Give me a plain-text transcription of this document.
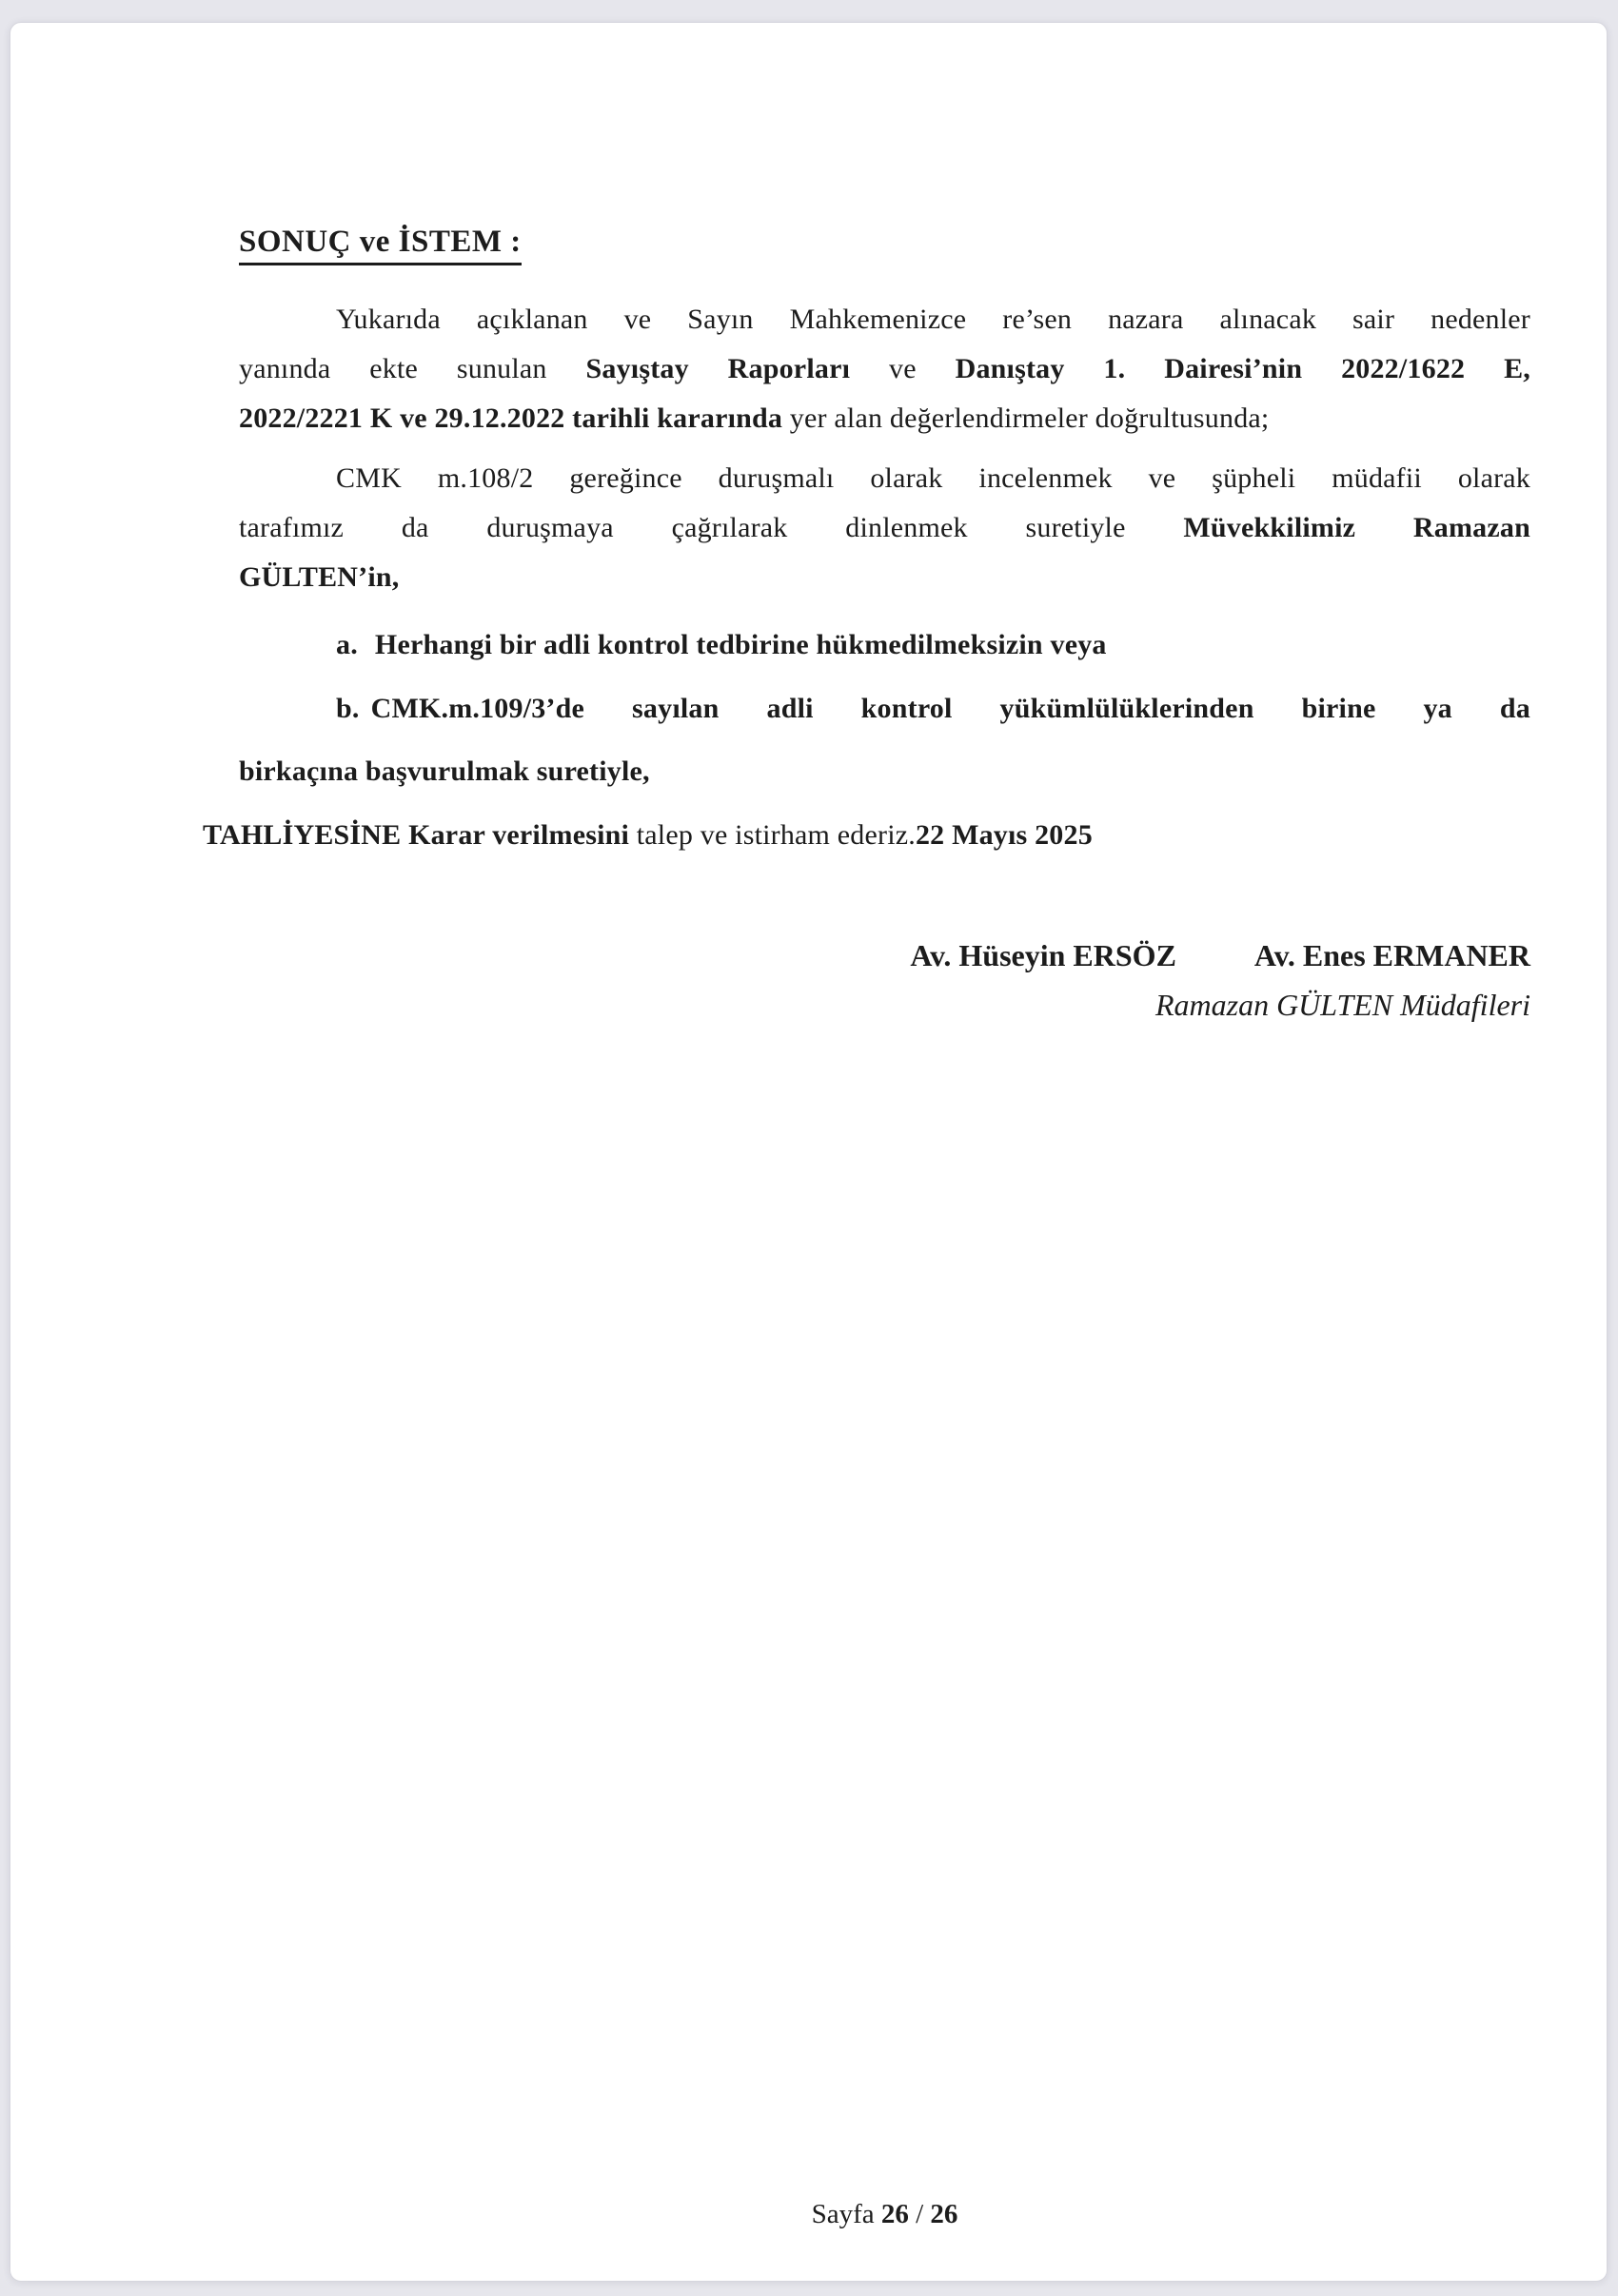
SONUÇ ve İSTEM :
Yukarıda açıklanan ve Sayın Mahkemenizce re’sen nazara alınacak sair nedenler
yanında ekte sunulan Sayıştay Raporları ve Danıştay 1. Dairesi’nin 2022/1622 E,
2022/2221 K ve 29.12.2022 tarihli kararında yer alan değerlendirmeler doğrultusunda;
CMK m.108/2 gereğince duruşmalı olarak incelenmek ve şüpheli müdafii olarak
tarafımız da duruşmaya çağrılarak dinlenmek suretiyle Müvekkilimiz Ramazan
GÜLTEN’in,
a. Herhangi bir adli kontrol tedbirine hükmedilmeksizin veya
b. CMK.m.109/3’de sayılan adli kontrol yükümlülüklerinden birine ya da
birkaçına başvurulmak suretiyle,
TAHLİYESİNE Karar verilmesini talep ve istirham ederiz.22 Mayıs 2025
Av. Hüseyin ERSÖZ	Av. Enes ERMANER
Ramazan GÜLTEN Müdafileri
Sayfa 26 / 26
